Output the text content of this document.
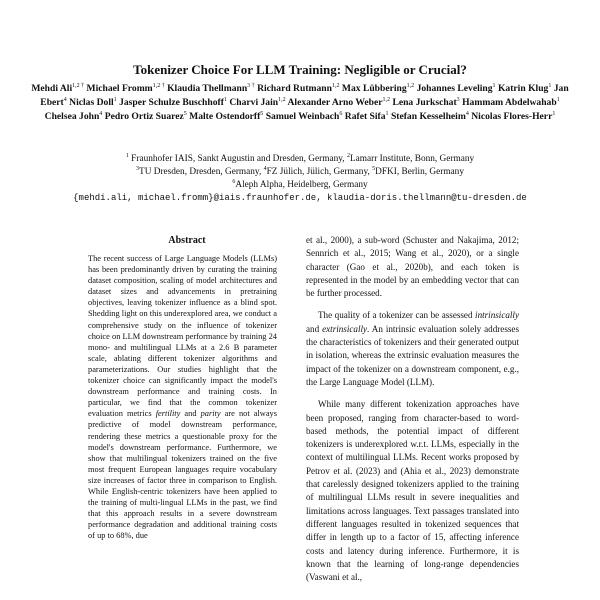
Tokenizer Choice For LLM Training: Negligible or Crucial?
Mehdi Ali$^{1,2 \dagger}$ Michael Fromm$^{1,2 \dagger}$ Klaudia Thellmann$^{3 \dagger}$ Richard Rutmann$^{1,2}$ Max Lübbering$^{1,2}$ Johannes Leveling$^1$ Katrin Klug$^1$ Jan Ebert$^4$ Niclas Doll$^1$ Jasper Schulze Buschhoff$^1$ Charvi Jain$^{1,2}$ Alexander Arno Weber$^{1,2}$ Lena Jurkschat$^3$ Hammam Abdelwahab$^1$ Chelsea John$^4$ Pedro Ortiz Suarez$^5$ Malte Ostendorff$^5$ Samuel Weinbach$^6$ Rafet Sifa$^1$ Stefan Kesselheim$^4$ Nicolas Flores-Herr$^1$
$^1$ Fraunhofer IAIS, Sankt Augustin and Dresden, Germany, $^2$Lamarr Institute, Bonn, Germany
$^3$TU Dresden, Dresden, Germany, $^4$FZ Jülich, Jülich, Germany, $^5$DFKI, Berlin, Germany
$^6$Aleph Alpha, Heidelberg, Germany
{mehdi.ali, michael.fromm}@iais.fraunhofer.de, klaudia-doris.thellmann@tu-dresden.de
Abstract
The recent success of Large Language Models (LLMs) has been predominantly driven by curating the training dataset composition, scaling of model architectures and dataset sizes and advancements in pretraining objectives, leaving tokenizer influence as a blind spot. Shedding light on this underexplored area, we conduct a comprehensive study on the influence of tokenizer choice on LLM downstream performance by training 24 mono- and multilingual LLMs at a 2.6 B parameter scale, ablating different tokenizer algorithms and parameterizations. Our studies highlight that the tokenizer choice can significantly impact the model's downstream performance and training costs. In particular, we find that the common tokenizer evaluation metrics fertility and parity are not always predictive of model downstream performance, rendering these metrics a questionable proxy for the model's downstream performance. Furthermore, we show that multilingual tokenizers trained on the five most frequent European languages require vocabulary size increases of factor three in comparison to English. While English-centric tokenizers have been applied to the training of multi-lingual LLMs in the past, we find that this approach results in a severe downstream performance degradation and additional training costs of up to 68%, due

et al., 2000), a sub-word (Schuster and Nakajima, 2012; Sennrich et al., 2015; Wang et al., 2020), or a single character (Gao et al., 2020b), and each token is represented in the model by an embedding vector that can be further processed.

The quality of a tokenizer can be assessed intrinsically and extrinsically. An intrinsic evaluation solely addresses the characteristics of tokenizers and their generated output in isolation, whereas the extrinsic evaluation measures the impact of the tokenizer on a downstream component, e.g., the Large Language Model (LLM).

While many different tokenization approaches have been proposed, ranging from character-based to word-based methods, the potential impact of different tokenizers is underexplored w.r.t. LLMs, especially in the context of multilingual LLMs. Recent works proposed by Petrov et al. (2023) and (Ahia et al., 2023) demonstrate that carelessly designed tokenizers applied to the training of multilingual LLMs result in severe inequalities and limitations across languages. Text passages translated into different languages resulted in tokenized sequences that differ in length up to a factor of 15, affecting inference costs and latency during inference. Furthermore, it is known that the learning of long-range dependencies (Vaswani et al.,
